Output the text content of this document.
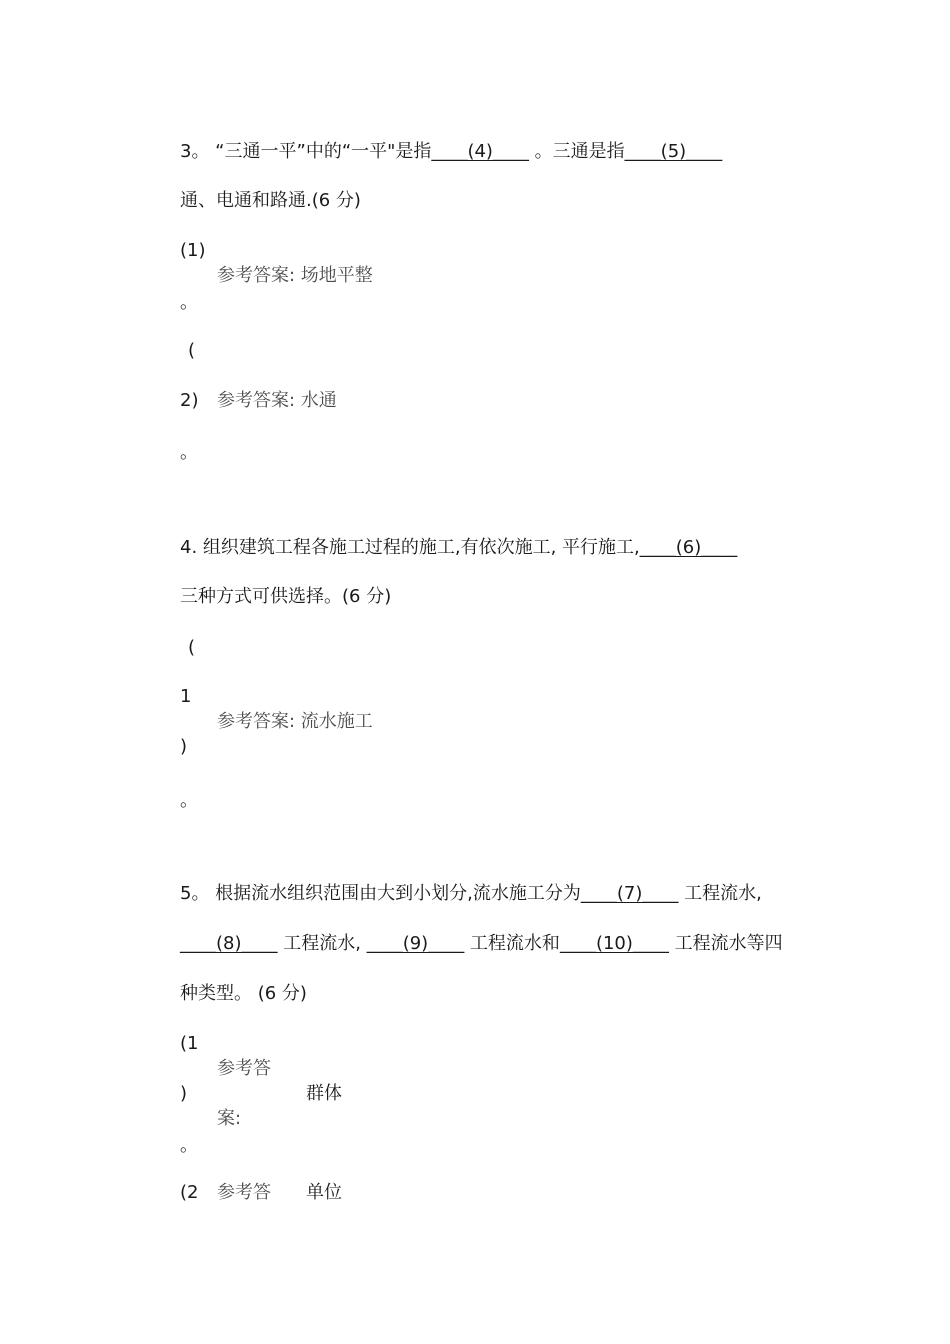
3。 “三通一平”中的“一平"是指____(4)____ 。三通是指____(5)____
通、电通和路通.(6 分)
(1)
参考答案: 场地平整
。
(
2) 参考答案: 水通
。
4. 组织建筑工程各施工过程的施工,有依次施工, 平行施工,____(6)____
三种方式可供选择。(6 分)
(
1
参考答案: 流水施工
)
。
5。 根据流水组织范围由大到小划分,流水施工分为____(7)____ 工程流水,
____(8)____ 工程流水, ____(9)____ 工程流水和____(10)____ 工程流水等四
种类型。 (6 分)
(1
参考答
)	群体
案:
。
(2 参考答 单位
